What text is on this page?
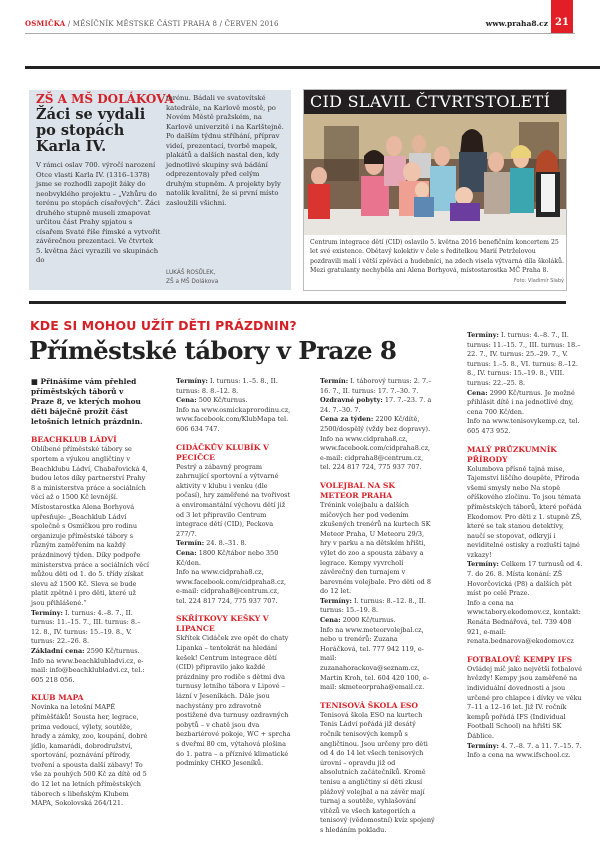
OSMIČKA / MĚSÍČNÍK MĚSTSKÉ ČÁSTI PRAHA 8 / ČERVEN 2016	www.praha8.cz 21
ZŠ A MŠ DOLÁKOVA
Žáci se vydali po stopách Karla IV.
V rámci oslav 700. výročí narození Otce vlasti Karla IV. (1316–1378) jsme se rozhodli zapojit žáky do neobvyklého projektu – „Vzhůru do terénu po stopách císařových“. Žáci druhého stupně museli zmapovat určitou část Prahy spjatou s císařem Svaté říše římské a vytvořit závěrečnou prezentaci. Ve čtvrtek 5. května žáci vyrazili ve skupinách do
terénu. Bádali ve svatovítské katedrále, na Karlově mostě, po Novém Městě pražském, na Karlově univerzitě i na Karlštejně. Po dalším týdnu stříhání, příprav videí, prezentací, tvorbě mapek, plakátů a dalších nastal den, kdy jednotlivé skupiny svá bádání odprezentovaly před celým druhým stupněm. A projekty byly natolik kvalitní, že si první místo zasloužili všichni.
LUKÁŠ ROSŮLEK,
ZŠ a MŠ Dolákova
CID SLAVIL ČTVRTSTOLETÍ
Centrum integrace dětí (CID) oslavilo 5. května 2016 benefičním koncertem 25 let své existence. Obětavý kolektiv v čele s ředitelkou Marií Petrželovou pozdravili malí i větší zpěváci a hudebníci, na zdech visela výtvarná díla školáků. Mezi gratulanty nechyběla ani Alena Borhyová, místostarostka MČ Praha 8.
Foto: Vladimír Slabý
KDE SI MOHOU UŽÍT DĚTI PRÁZDNIN?
Příměstské tábory v Praze 8

■ Přinášíme vám přehled příměstských táborů v Praze 8, ve kterých mohou děti báječně prožít část letošních letních prázdnin.

BEACHKLUB LÁDVÍ

Oblíbené příměstské tábory se sportem a výukou angličtiny v Beachklubu Ládví, Chabařovická 4, budou letos díky partnerství Prahy 8 a ministerstva práce a sociálních věcí až o 1500 Kč levnější. Místostarostka Alena Borhyová upřesňuje: „Beachklub Ládví společně s Osmičkou pro rodinu organizuje příměstské tábory s různým zaměřením na každý prázdninový týden. Díky podpoře ministerstva práce a sociálních věcí můžou děti od 1. do 5. třídy získat slevu až 1500 Kč. Sleva se bude platit zpětně i pro děti, které už jsou přihlášené.“

Termíny: I. turnus: 4.–8. 7., II. turnus: 11.–15. 7., III. turnus: 8.–12. 8., IV. turnus: 15.–19. 8., V. turnus: 22.–26. 8.

Základní cena: 2590 Kč/turnus.

Info na www.beachklubladvi.cz, e-mail: info@beachklubladvi.cz, tel.: 605 218 056.

KLUB MAPA

Novinka na letošní MAPĚ příměšťáků! Sousta her, legrace, prima vedoucí, výlety, soutěže, hrady a zámky, zoo, koupání, dobré jídlo, kamarádi, dobrodružství, sportování, poznávání přírody, tvoření a spousta další zábavy! To vše za pouhých 500 Kč za dítě od 5 do 12 let na letních příměstských táborech s libeňským Klubem MAPA, Sokolovská 264/121.

Termíny: I. turnus: 1.–5. 8., II. turnus: 8. 8.–12. 8.

Cena: 500 Kč/turnus.

Info na www.osmickaprorodinu.cz, www.facebook.com/KlubMapa tel. 606 634 747.

CIDÁČKŮV KLUBÍK V PECIČCE

Pestrý a zábavný program zahrnující sportovní a výtvarné aktivity v klubu i venku (dle počasí), hry zaměřené na tvořivost a enviromantální výchovu dětí již od 3 let připravilo Centrum integrace dětí (CID), Peckova 277/7.

Termín: 24. 8.–31. 8.

Cena: 1800 Kč/tábor nebo 350 Kč/den.

Info na www.cidpraha8.cz, www.facebook.com/cidpraha8.cz, e-mail: cidpraha8@centrum.cz, tel. 224 817 724, 775 937 707.

SKŘÍTKOVY KEŠKY V LIPANCE

Skřítek Cidáček zve opět do chaty Lipanka – tentokrát na hledání kešek! Centrum integrace dětí (CID) připravilo jako každé prázdniny pro rodiče s dětmi dva turnusy letního tábora v Lipové – lázní v Jeseníkách. Dále jsou nachystány pro zdravotně postižené dva turnusy ozdravných pobytů – v chatě jsou dva bezbariérové pokoje, WC + sprcha s dveřmi 80 cm, výtahová plošina do 1. patra – a příznivé klimatické podmínky CHKO Jeseníků.

Termín: I. táborový turnus: 2. 7.–16. 7., II. turnus: 17. 7.–30. 7.

Ozdravné pobyty: 17. 7.–23. 7. a 24. 7.–30. 7.

Cena za týden: 2200 Kč/dítě, 2500/dospělý (vždy bez dopravy).

Info na www.cidpraha8.cz, www.facebook.com/cidpraha8.cz, e-mail: cidpraha8@centrum.cz, tel. 224 817 724, 775 937 707.

VOLEJBAL NA SK METEOR PRAHA

Trénink volejbalu a dalších míčových her pod vedením zkušených trenérů na kurtech SK Meteor Praha, U Meteoru 29/3, hry v parku a na dětském hřišti, výlet do zoo a spousta zábavy a legrace. Kempy vyvrcholí závěrečný den turnajem v barevném volejbale. Pro děti od 8 do 12 let.

Termíny: I. turnus: 8.–12. 8., II. turnus: 15.–19. 8.

Cena: 2000 Kč/turnus.

Info na www.meteorvolejbal.cz, nebo u trenérů: Zuzana Horáčková, tel. 777 942 119, e-mail: zuzanahorackova@seznam.cz, Martin Kroh, tel. 604 420 100, e-mail: skmeteorpraha@email.cz.

TENISOVÁ ŠKOLA ESO

Tenisová škola ESO na kurtech Tenis Ládví pořádá již desátý ročník tenisových kempů s angličtinou. Jsou určeny pro děti od 4 do 14 let všech tenisových úrovní – opravdu již od absolutních začátečníků. Kromě tenisu a angličtiny si děti zkusí plážový volejbal a na závěr mají turnaj a soutěže, vyhlašování vítězů ve všech kategoriích a tenisový (vědomostní) kvíz spojený s hledáním pokladu.

Termíny: I. turnus: 4.–8. 7., II. turnus: 11.–15. 7., III. turnus: 18.–22. 7., IV. turnus: 25.–29. 7., V. turnus: 1.–5. 8., VI. turnus: 8.–12. 8., IV. turnus: 15.–19. 8., VIII. turnus: 22.–25. 8.

Cena: 2990 Kč/turnus. Je možné přihlásit dítě i na jednotlivé dny, cena 700 Kč/den.

Info na www.tenisovykemp.cz, tel. 605 473 952.

MALÝ PRŮZKUMNÍK PŘÍRODY

Kolumbova přísně tajná mise, Tajemství liščího doupěte, Příroda všemi smysly nebo Na stopě oříškového zločinu. To jsou témata příměstských táborů, které pořádá Ekodomov. Pro děti z 1. stupně ZŠ, které se tak stanou detektivy, naučí se stopovat, odkryjí i neviditelné ostisky a rozluští tajné vzkazy!

Termíny: Celkem 17 turnusů od 4. 7. do 26. 8. Místa konání: ZŠ Hovorčovická (P8) a dalších pět míst po celé Praze.

Info a cena na www.tabory.ekodomov.cz, kontakt: Renáta Bednářová, tel. 739 408 921, e-mail: renata.bednarova@ekodomov.cz

FOTBALOVÉ KEMPY IFS

Ovládej míč jako největší fotbalové hvězdy! Kempy jsou zaměřené na individuální dovednosti a jsou určené pro chlapce i dívky ve věku 7–11 a 12–16 let. Již IV. ročník kempů pořádá IFS (Individual Football School) na hřišti SK Ďáblice.

Termíny: 4. 7.–8. 7. a 11. 7.–15. 7.

Info a cena na www.ifschool.cz.
